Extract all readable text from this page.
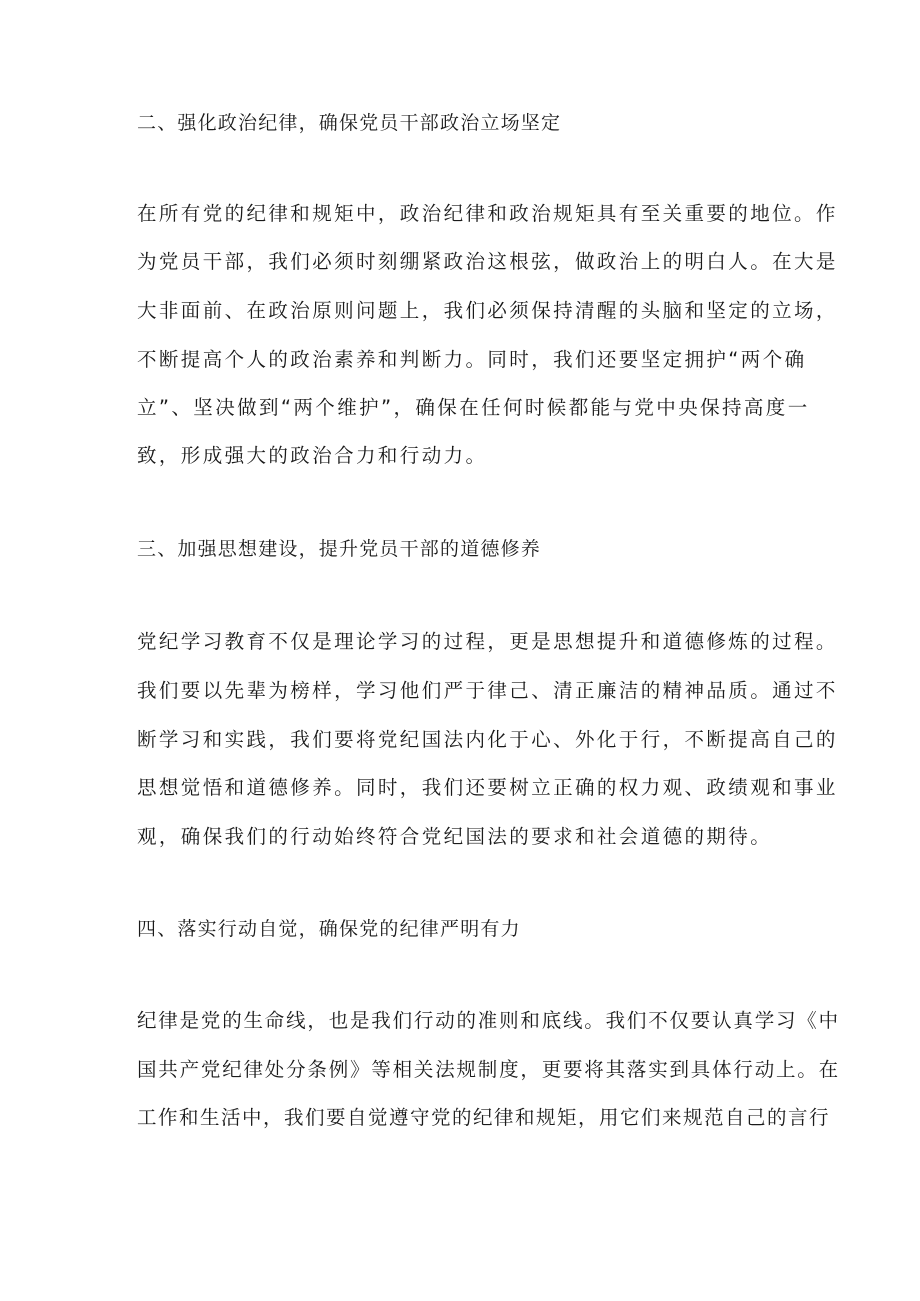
二、强化政治纪律，确保党员干部政治立场坚定
在所有党的纪律和规矩中，政治纪律和政治规矩具有至关重要的地位。作
为党员干部，我们必须时刻绷紧政治这根弦，做政治上的明白人。在大是
大非面前、在政治原则问题上，我们必须保持清醒的头脑和坚定的立场，
不断提高个人的政治素养和判断力。同时，我们还要坚定拥护“两个确
立”、坚决做到“两个维护”，确保在任何时候都能与党中央保持高度一
致，形成强大的政治合力和行动力。
三、加强思想建设，提升党员干部的道德修养
党纪学习教育不仅是理论学习的过程，更是思想提升和道德修炼的过程。
我们要以先辈为榜样，学习他们严于律己、清正廉洁的精神品质。通过不
断学习和实践，我们要将党纪国法内化于心、外化于行，不断提高自己的
思想觉悟和道德修养。同时，我们还要树立正确的权力观、政绩观和事业
观，确保我们的行动始终符合党纪国法的要求和社会道德的期待。
四、落实行动自觉，确保党的纪律严明有力
纪律是党的生命线，也是我们行动的准则和底线。我们不仅要认真学习《中
国共产党纪律处分条例》等相关法规制度，更要将其落实到具体行动上。在
工作和生活中，我们要自觉遵守党的纪律和规矩，用它们来规范自己的言行
